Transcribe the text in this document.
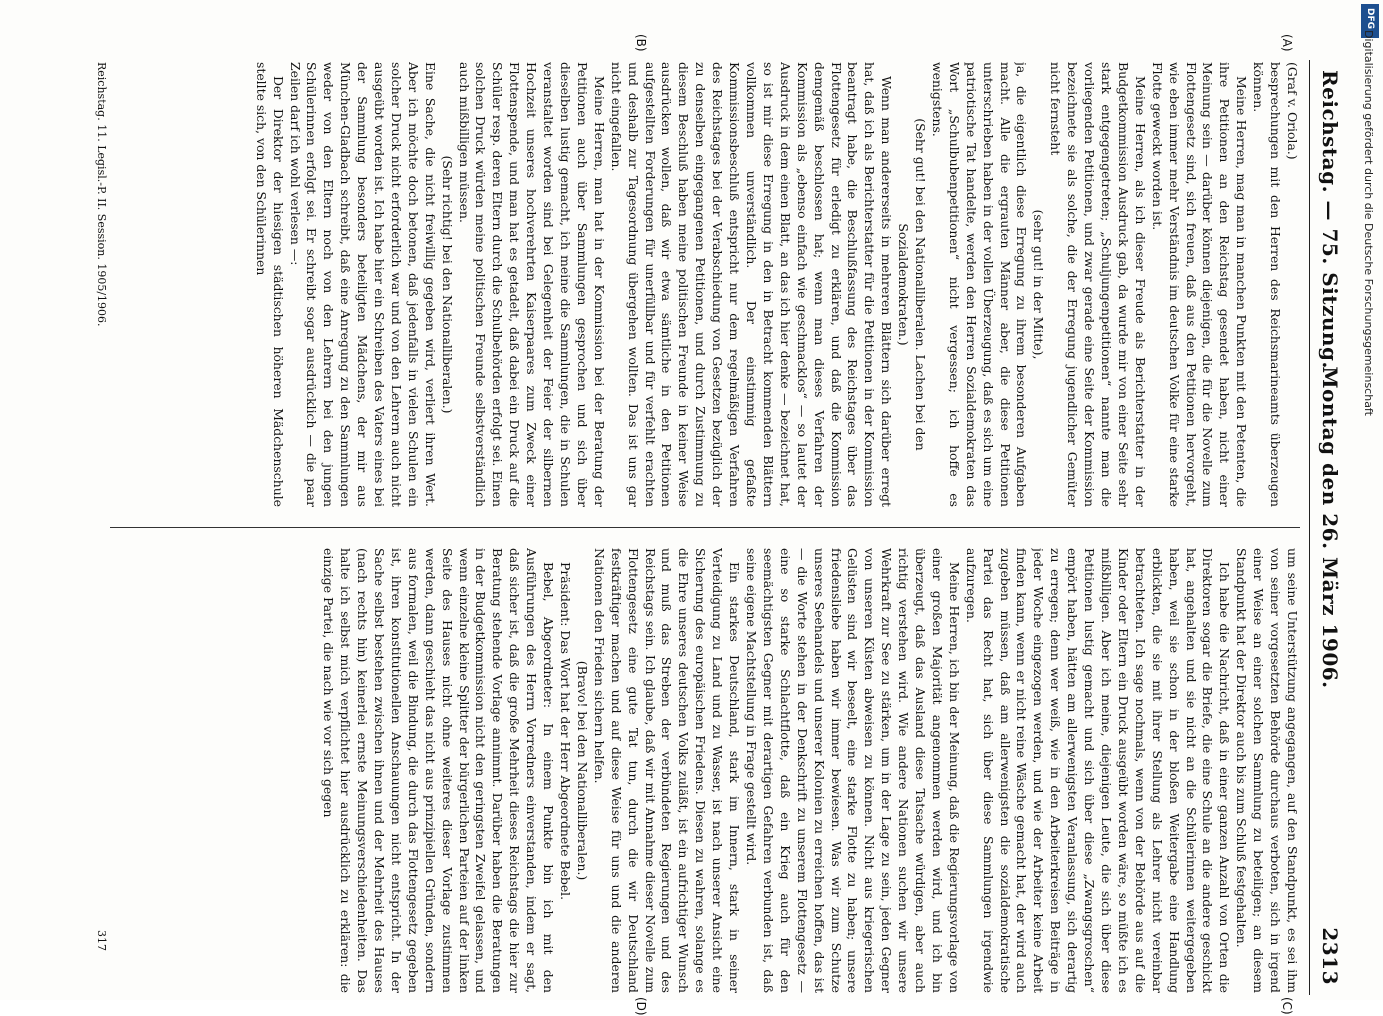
Reichstag. — 75. Sitzung.
Montag den 26. März 1906.
2313
(A)
(B)
(C)
(D)

(Graf v. Oriola.)

besprechungen mit den Herren des Reichsmarineamts überzeugen können.

Meine Herren, mag man in manchen Punkten mit den Petenten, die ihre Petitionen an den Reichstag gesendet haben, nicht einer Meinung sein — darüber können diejenigen, die für die Novelle zum Flottengesetz sind, sich freuen, daß aus den Petitionen hervorgeht, wie eben immer mehr Verständnis im deutschen Volke für eine starke Flotte geweckt worden ist.

Meine Herren, als ich dieser Freude als Berichterstatter in der Budgetkommission Ausdruck gab, da wurde mir von einer Seite sehr stark entgegengetreten; „Schuljungenpetitionen“ nannte man die vorliegenden Petitionen, und zwar gerade eine Seite der Kommission bezeichnete sie als solche, die der Erregung jugendlicher Gemüter nicht fernsteht

(sehr gut! in der Mitte),

ja, die eigentlich diese Erregung zu ihrem besonderen Aufgaben macht. Alle die ergrauten Männer aber, die diese Petitionen unterschrieben haben in der vollen Überzeugung, daß es sich um eine patriotische Tat handelte, werden den Herren Sozialdemokraten das Wort „Schulbubenpetitionen“ nicht vergessen; ich hoffe es wenigstens.

(Sehr gut! bei den Nationalliberalen. Lachen bei den Sozialdemokraten.)

Wenn man andererseits in mehreren Blättern sich darüber erregt hat, daß ich als Berichterstatter für die Petitionen in der Kommission beantragt habe, die Beschlußfassung des Reichstages über das Flottengesetz für erledigt zu erklären, und daß die Kommission demgemäß beschlossen hat; wenn man dieses Verfahren der Kommission als „ebenso einfach wie geschmacklos“ — so lautet der Ausdruck in dem einen Blatt, an das ich hier denke — bezeichnet hat, so ist mir diese Erregung in den in Betracht kommenden Blättern vollkommen unverständlich. Der einstimmig gefaßte Kommissionsbeschluß entspricht nur dem regelmäßigen Verfahren des Reichstages bei der Verabschiedung von Gesetzen bezüglich der zu denselben eingegangenen Petitionen, und durch Zustimmung zu diesem Beschluß haben meine politischen Freunde in keiner Weise ausdrücken wollen, daß wir etwa sämtliche in den Petitionen aufgestellten Forderungen für unerfüllbar und für verfehlt erachten und deshalb zur Tagesordnung übergehen wollten. Das ist uns gar nicht eingefallen.

Meine Herren, man hat in der Kommission bei der Beratung der Petitionen auch über Sammlungen gesprochen und sich über dieselben lustig gemacht, ich meine die Sammlungen, die in Schulen veranstaltet worden sind bei Gelegenheit der Feier der silbernen Hochzeit unseres hochverehrten Kaiserpaares zum Zweck einer Flottenspende, und man hat es getadelt, daß dabei ein Druck auf die Schüler resp. deren Eltern durch die Schulbehörden erfolgt sei. Einen solchen Druck würden meine politischen Freunde selbstverständlich auch mißbilligen müssen.

(Sehr richtig! bei den Nationalliberalen.)

Eine Sache, die nicht freiwillig gegeben wird, verliert ihren Wert. Aber ich möchte doch betonen, daß jedenfalls in vielen Schulen ein solcher Druck nicht erforderlich war und von den Lehrern auch nicht ausgeübt worden ist. Ich habe hier ein Schreiben des Vaters eines bei der Sammlung besonders beteiligten Mädchens, der mir aus München-Gladbach schreibt, daß eine Anregung zu den Sammlungen weder von den Eltern noch von den Lehrern bei den jungen Schülerinnen erfolgt sei. Er schreibt sogar ausdrücklich — die paar Zeilen darf ich wohl verlesen —:

Der Direktor der hiesigen städtischen höheren Mädchenschule stellte sich, von den Schülerinnen

um seine Unterstützung angegangen, auf den Standpunkt, es sei ihm von seiner vorgesetzten Behörde durchaus verboten, sich in irgend einer Weise an einer solchen Sammlung zu beteiligen; an diesem Standpunkt hat der Direktor auch bis zum Schluß festgehalten.

Ich habe die Nachricht, daß in einer ganzen Anzahl von Orten die Direktoren sogar die Briefe, die eine Schule an die andere geschickt hat, angehalten und sie nicht an die Schülerinnen weitergegeben haben, weil sie schon in der bloßen Weitergabe eine Handlung erblickten, die sie mit ihrer Stellung als Lehrer nicht vereinbar betrachteten. Ich sage nochmals, wenn von der Behörde aus auf die Kinder oder Eltern ein Druck ausgeübt worden wäre, so müßte ich es mißbilligen. Aber ich meine, diejenigen Leute, die sich über diese Petitionen lustig gemacht und sich über diese „Zwangsgroschen“ empört haben, hätten am allerwenigsten Veranlassung, sich derartig zu erregen; denn wer weiß, wie in den Arbeiterkreisen Beiträge in jeder Woche eingezogen werden, und wie der Arbeiter keine Arbeit finden kann, wenn er nicht reine Wäsche gemacht hat, der wird auch zugeben müssen, daß am allerwenigsten die sozialdemokratische Partei das Recht hat, sich über diese Sammlungen irgendwie aufzuregen.

Meine Herren, ich bin der Meinung, daß die Regierungsvorlage von einer großen Majorität angenommen werden wird, und ich bin überzeugt, daß das Ausland diese Tatsache würdigen, aber auch richtig verstehen wird. Wie andere Nationen suchen wir unsere Wehrkraft zur See zu stärken, um in der Lage zu sein, jeden Gegner von unseren Küsten abweisen zu können. Nicht aus kriegerischen Gelüsten sind wir beseelt, eine starke Flotte zu haben; unsere friedensliebe haben wir immer bewiesen. Was wir zum Schutze unseres Seehandels und unserer Kolonien zu erreichen hoffen, das ist — die Worte stehen in der Denkschrift zu unserem Flottengesetz — eine so starke Schlachtflotte, daß ein Krieg auch für den seemächtigsten Gegner mit derartigen Gefahren verbunden ist, daß seine eigene Machtstellung in Frage gestellt wird.

Ein starkes Deutschland, stark im Innern, stark in seiner Verteidigung zu Land und zu Wasser, ist nach unserer Ansicht eine Sicherung des europäischen Friedens. Diesen zu wahren, solange es die Ehre unseres deutschen Volks zuläßt, ist ein aufrichtiger Wunsch und muß das Streben der verbündeten Regierungen und des Reichstags sein. Ich glaube, daß wir mit Annahme dieser Novelle zum Flottengesetz eine gute Tat tun, durch die wir Deutschland festkräftiger machen und auf diese Weise für uns und die anderen Nationen den Frieden sichern helfen.

(Bravo! bei den Nationalliberalen.)

Präsident: Das Wort hat der Herr Abgeordnete Bebel.

Bebel, Abgeordneter: In einem Punkte bin ich mit den Ausführungen des Herrn Vorredners einverstanden, indem er sagt, daß sicher ist, daß die große Mehrheit dieses Reichstags die hier zur Beratung stehende Vorlage annimmt. Darüber haben die Beratungen in der Budgetkommission nicht den geringsten Zweifel gelassen, und wenn einzelne kleine Splitter der bürgerlichen Parteien auf der linken Seite des Hauses nicht ohne weiteres dieser Vorlage zustimmen werden, dann geschieht das nicht aus prinzipiellen Gründen, sondern aus formalen, weil die Bindung, die durch das Flottengesetz gegeben ist, ihren konstitutionellen Anschauungen nicht entspricht. In der Sache selbst bestehen zwischen ihnen und der Mehrheit des Hauses (nach rechts hin) keinerlei ernste Meinungsverschiedenheiten. Das halte ich selbst mich verpflichtet hier ausdrücklich zu erklären: die einzige Partei, die nach wie vor sich gegen

Reichstag. 11. Legisl.-P. II. Session. 1905/1906.
317
DFG
Digitalisierung gefördert durch die Deutsche Forschungsgemeinschaft
